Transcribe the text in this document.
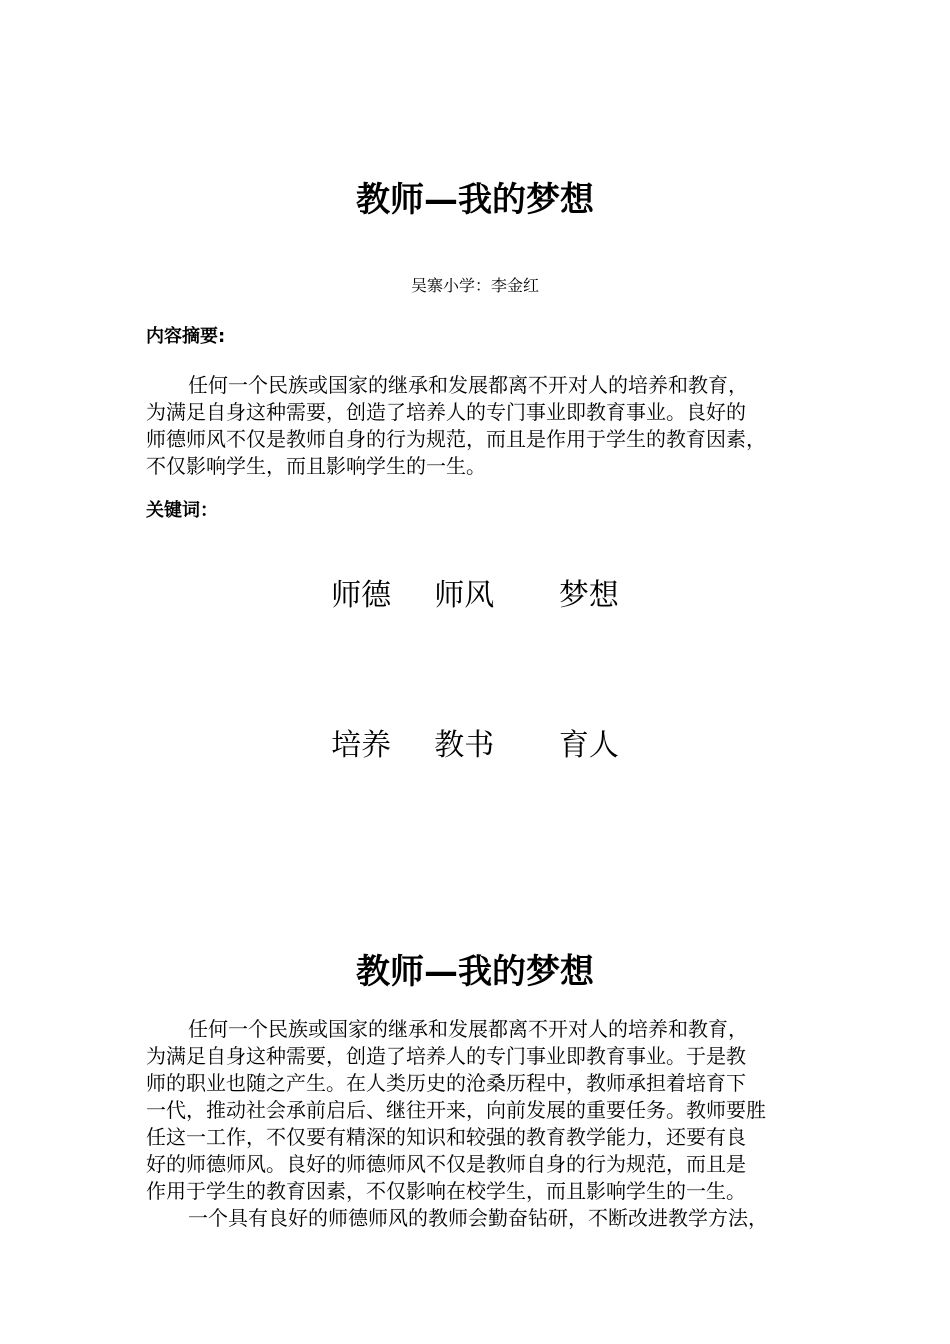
教师—我的梦想
吴寨小学：李金红
内容摘要:

任何一个民族或国家的继承和发展都离不开对人的培养和教育，
为满足自身这种需要，创造了培养人的专门事业即教育事业。良好的
师德师风不仅是教师自身的行为规范，而且是作用于学生的教育因素，
不仅影响学生，而且影响学生的一生。

关键词：
师德  师风   梦想
培养  教书   育人
教师—我的梦想

任何一个民族或国家的继承和发展都离不开对人的培养和教育，
为满足自身这种需要，创造了培养人的专门事业即教育事业。于是教
师的职业也随之产生。在人类历史的沧桑历程中，教师承担着培育下
一代，推动社会承前启后、继往开来，向前发展的重要任务。教师要胜
任这一工作，不仅要有精深的知识和较强的教育教学能力，还要有良
好的师德师风。良好的师德师风不仅是教师自身的行为规范，而且是
作用于学生的教育因素，不仅影响在校学生，而且影响学生的一生。
一个具有良好的师德师风的教师会勤奋钻研，不断改进教学方法，
